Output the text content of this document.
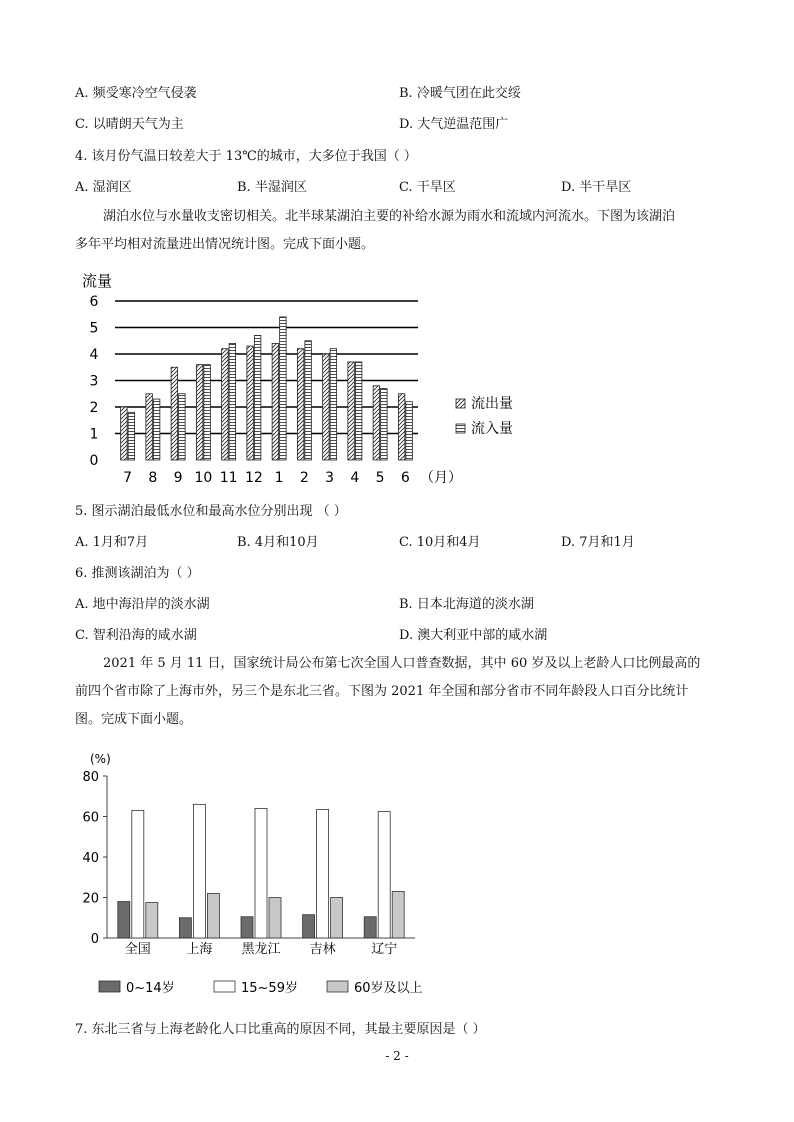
A. 频受寒冷空气侵袭	B. 冷暖气团在此交绥
C. 以晴朗天气为主	D. 大气逆温范围广
4. 该月份气温日较差大于 13℃的城市，大多位于我国（ ）
A. 湿润区	B. 半湿润区	C. 干旱区	D. 半干旱区
湖泊水位与水量收支密切相关。北半球某湖泊主要的补给水源为雨水和流域内河流水。下图为该湖泊
多年平均相对流量进出情况统计图。完成下面小题。
0
1
2
3
4
5
6
流量
7 8 9 10 11 12 1 2 3 4 5 6 （月）
流出量
流入量
5. 图示湖泊最低水位和最高水位分别出现 （ ）
A. 1月和7月	B. 4月和10月	C. 10月和4月	D. 7月和1月
6. 推测该湖泊为（ ）
A. 地中海沿岸的淡水湖	B. 日本北海道的淡水湖
C. 智利沿海的咸水湖	D. 澳大利亚中部的咸水湖
2021 年 5 月 11 日，国家统计局公布第七次全国人口普查数据，其中 60 岁及以上老龄人口比例最高的
前四个省市除了上海市外，另三个是东北三省。下图为 2021 年全国和部分省市不同年龄段人口百分比统计
图。完成下面小题。
0
20
40
60
80
(%)
全国	上海 黑龙江 吉林	辽宁
0~14岁	15~59岁	60岁及以上
7. 东北三省与上海老龄化人口比重高的原因不同，其最主要原因是（ ）
- 2 -
